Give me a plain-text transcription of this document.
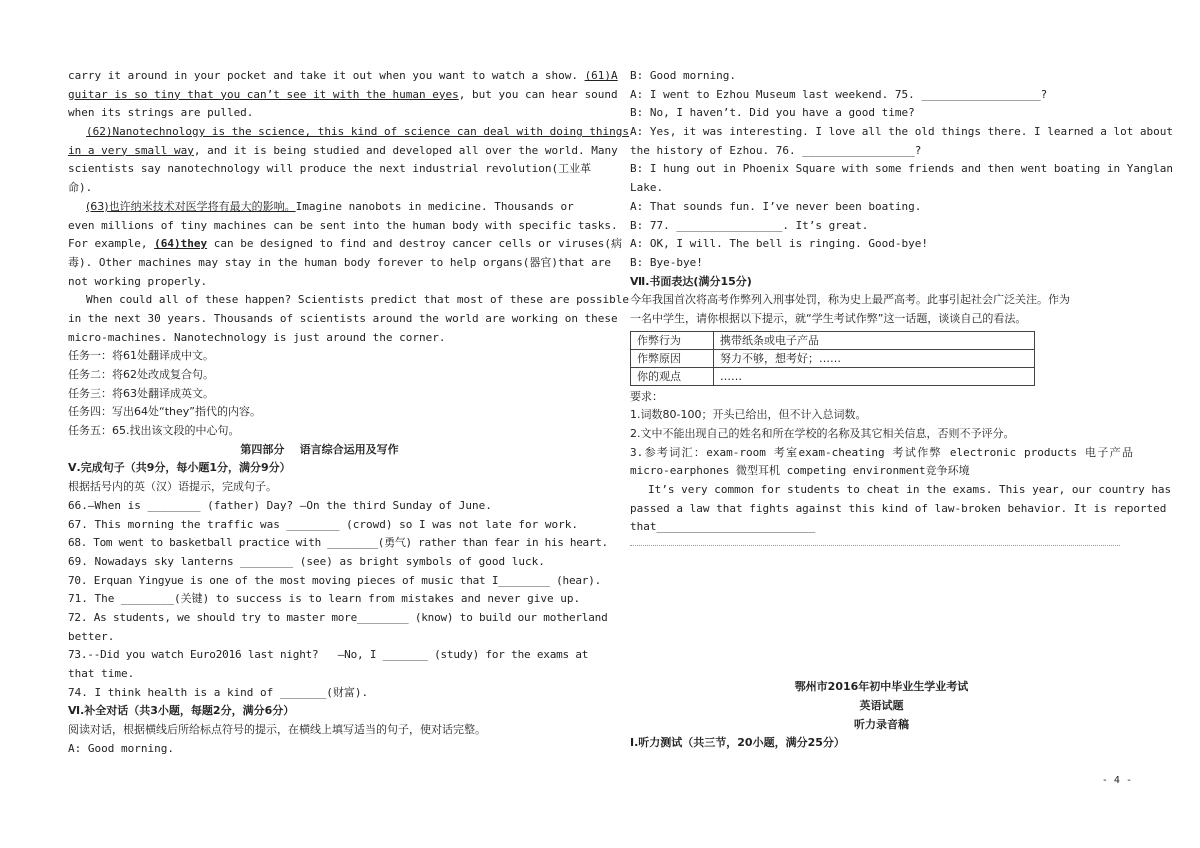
carry it around in your pocket and take it out when you want to watch a show. (61)A
guitar is so tiny that you can’t see it with the human eyes, but you can hear sound
when its strings are pulled.
(62)Nanotechnology is the science, this kind of science can deal with doing things
in a very small way, and it is being studied and developed all over the world. Many
scientists say nanotechnology will produce the next industrial revolution(工业革
命).
(63)也许纳米技术对医学将有最大的影响。Imagine nanobots in medicine. Thousands or
even millions of tiny machines can be sent into the human body with specific tasks.
For example, (64)they can be designed to find and destroy cancer cells or viruses(病
毒). Other machines may stay in the human body forever to help organs(器官)that are
not working properly.
When could all of these happen? Scientists predict that most of these are possible
in the next 30 years. Thousands of scientists around the world are working on these
micro-machines. Nanotechnology is just around the corner.
任务一：将61处翻译成中文。
任务二：将62处改成复合句。
任务三：将63处翻译成英文。
任务四：写出64处“they”指代的内容。
任务五：65.找出该文段的中心句。
第四部分    语言综合运用及写作
Ⅴ.完成句子（共9分，每小题1分，满分9分）
根据括号内的英（汉）语提示，完成句子。
66.—When is ________ (father) Day? —On the third Sunday of June.
67. This morning the traffic was ________ (crowd) so I was not late for work.
68. Tom went to basketball practice with ________(勇气) rather than fear in his heart.
69. Nowadays sky lanterns ________ (see) as bright symbols of good luck.
70. Erquan Yingyue is one of the most moving pieces of music that I________ (hear).
71. The ________(关键) to success is to learn from mistakes and never give up.
72. As students, we should try to master more________ (know) to build our motherland
better.
73.--Did you watch Euro2016 last night?   —No, I _______ (study) for the exams at
that time.
74. I think health is a kind of _______(财富).
Ⅵ.补全对话（共3小题，每题2分，满分6分）
阅读对话，根据横线后所给标点符号的提示，在横线上填写适当的句子，使对话完整。
A: Good morning.
B: Good morning.
A: I went to Ezhou Museum last weekend. 75. __________________?
B: No, I haven’t. Did you have a good time?
A: Yes, it was interesting. I love all the old things there. I learned a lot about
the history of Ezhou. 76. _________________?
B: I hung out in Phoenix Square with some friends and then went boating in Yanglan
Lake.
A: That sounds fun. I’ve never been boating.
B: 77. ________________. It’s great.
A: OK, I will. The bell is ringing. Good-bye!
B: Bye-bye!
Ⅶ.书面表达(满分15分)
今年我国首次将高考作弊列入刑事处罚，称为史上最严高考。此事引起社会广泛关注。作为
一名中学生，请你根据以下提示，就“学生考试作弊”这一话题，谈谈自己的看法。
作弊行为	携带纸条或电子产品
作弊原因	努力不够，想考好；……
你的观点	……
要求：
1.词数80-100；开头已给出，但不计入总词数。
2.文中不能出现自己的姓名和所在学校的名称及其它相关信息，否则不予评分。
3.参考词汇：exam-room 考室exam-cheating 考试作弊 electronic products 电子产品
micro-earphones 微型耳机 competing environment竞争环境
It’s very common for students to cheat in the exams. This year, our country has
passed a law that fights against this kind of law-broken behavior. It is reported
that________________________
鄂州市2016年初中毕业生学业考试
英语试题
听力录音稿
Ⅰ.听力测试（共三节，20小题，满分25分）
- 4 -
